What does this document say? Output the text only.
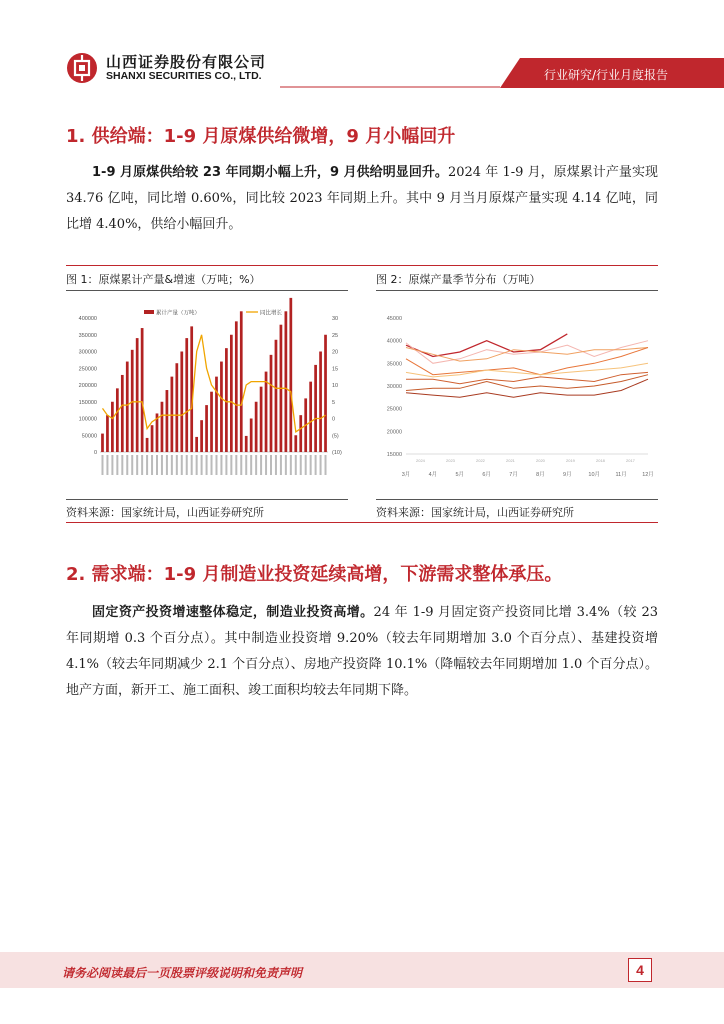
山西证券股份有限公司
SHANXI SECURITIES CO., LTD.	行业研究/行业月度报告
1. 供给端：1-9 月原煤供给微增，9 月小幅回升
1-9 月原煤供给较 23 年同期小幅上升，9 月供给明显回升。2024 年 1-9 月，原煤累计产量实现 34.76 亿吨，同比增 0.60%，同比较 2023 年同期上升。其中 9 月当月原煤产量实现 4.14 亿吨，同比增 4.40%，供给小幅回升。
图 1：原煤累计产量&增速（万吨；%）	图 2：原煤产量季节分布（万吨）
0
50000
100000
150000
200000
250000
300000
350000
400000
(10)
(5)
0
5
10
15
20
25
30
累计产量（万吨）	同比增长
15000
20000
25000
30000
35000
40000
45000
3月	4月	5月	6月	7月	8月	9月	10月	11月	12月
2024	2023	2022	2021	2020	2019	2018	2017
资料来源：国家统计局，山西证券研究所	资料来源：国家统计局，山西证券研究所
2. 需求端：1-9 月制造业投资延续高增，下游需求整体承压。
固定资产投资增速整体稳定，制造业投资高增。24 年 1-9 月固定资产投资同比增 3.4%（较 23 年同期增 0.3 个百分点）。其中制造业投资增 9.20%（较去年同期增加 3.0 个百分点）、基建投资增 4.1%（较去年同期减少 2.1 个百分点）、房地产投资降 10.1%（降幅较去年同期增加 1.0 个百分点）。地产方面，新开工、施工面积、竣工面积均较去年同期下降。
请务必阅读最后一页股票评级说明和免责声明	4
